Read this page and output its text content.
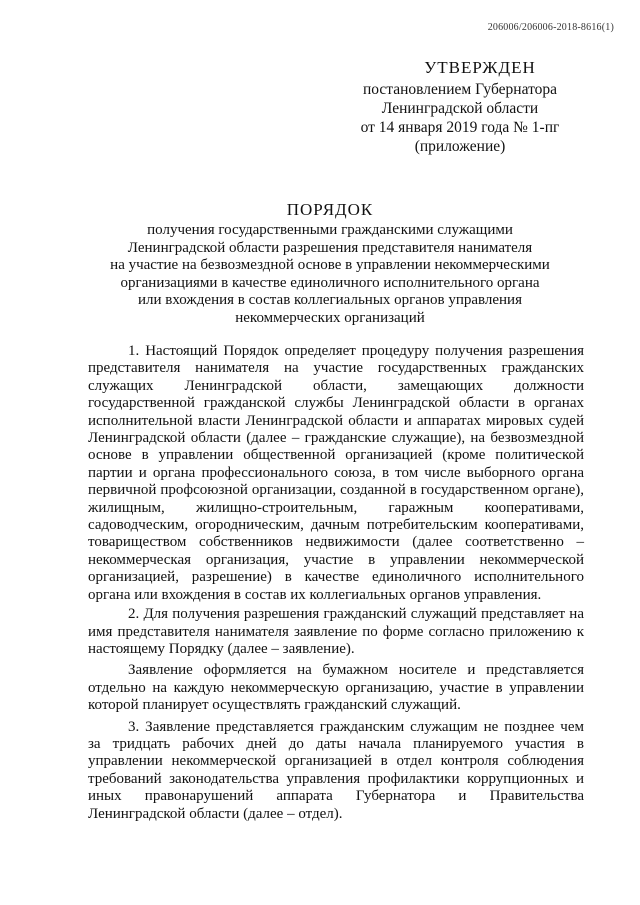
206006/206006-2018-8616(1)
УТВЕРЖДЕН
постановлением Губернатора
Ленинградской области
от 14 января 2019 года № 1-пг
(приложение)
ПОРЯДОК
получения государственными гражданскими служащими
Ленинградской области разрешения представителя нанимателя
на участие на безвозмездной основе в управлении некоммерческими
организациями в качестве единоличного исполнительного органа
или вхождения в состав коллегиальных органов управления
некоммерческих организаций

1. Настоящий Порядок определяет процедуру получения разрешения представителя нанимателя на участие государственных гражданских служащих Ленинградской области, замещающих должности государственной гражданской службы Ленинградской области в органах исполнительной власти Ленинградской области и аппаратах мировых судей Ленинградской области (далее – гражданские служащие), на безвозмездной основе в управлении общественной организацией (кроме политической партии и органа профессионального союза, в том числе выборного органа первичной профсоюзной организации, созданной в государственном органе), жилищным, жилищно-строительным, гаражным кооперативами, садоводческим, огородническим, дачным потребительским кооперативами, товариществом собственников недвижимости (далее соответственно – некоммерческая организация, участие в управлении некоммерческой организацией, разрешение) в качестве единоличного исполнительного органа или вхождения в состав их коллегиальных органов управления.

2. Для получения разрешения гражданский служащий представляет на имя представителя нанимателя заявление по форме согласно приложению к настоящему Порядку (далее – заявление).

Заявление оформляется на бумажном носителе и представляется отдельно на каждую некоммерческую организацию, участие в управлении которой планирует осуществлять гражданский служащий.

3. Заявление представляется гражданским служащим не позднее чем за тридцать рабочих дней до даты начала планируемого участия в управлении некоммерческой организацией в отдел контроля соблюдения требований законодательства управления профилактики коррупционных и иных правонарушений аппарата Губернатора и Правительства Ленинградской области (далее – отдел).
